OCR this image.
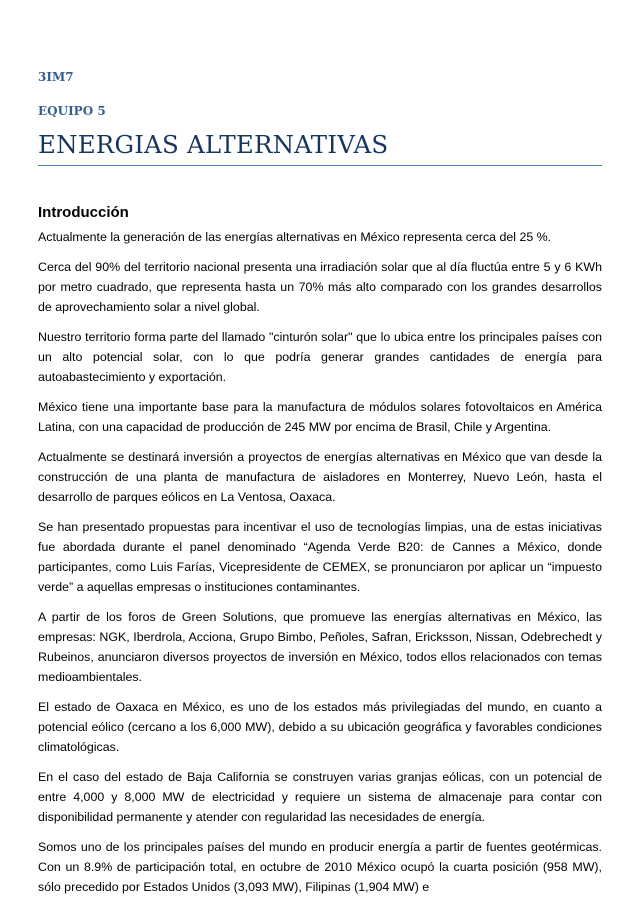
3IM7
EQUIPO 5
ENERGIAS ALTERNATIVAS
Introducción

Actualmente la generación de las energías alternativas en México representa cerca del 25 %.

Cerca del 90% del territorio nacional presenta una irradiación solar que al día fluctúa entre 5 y 6 KWh por metro cuadrado, que representa hasta un 70% más alto comparado con los grandes desarrollos de aprovechamiento solar a nivel global.

Nuestro territorio forma parte del llamado "cinturón solar" que lo ubica entre los principales países con un alto potencial solar, con lo que podría generar grandes cantidades de energía para autoabastecimiento y exportación.

México tiene una importante base para la manufactura de módulos solares fotovoltaicos en América Latina, con una capacidad de producción de 245 MW por encima de Brasil, Chile y Argentina.

Actualmente se destinará inversión a proyectos de energías alternativas en México que van desde la construcción de una planta de manufactura de aisladores en Monterrey, Nuevo León, hasta el desarrollo de parques eólicos en La Ventosa, Oaxaca.

Se han presentado propuestas para incentivar el uso de tecnologías limpias, una de estas iniciativas fue abordada durante el panel denominado “Agenda Verde B20: de Cannes a México, donde participantes, como Luis Farías, Vicepresidente de CEMEX, se pronunciaron por aplicar un “impuesto verde” a aquellas empresas o instituciones contaminantes.

A partir de los foros de Green Solutions, que promueve las energías alternativas en México, las empresas: NGK, Iberdrola, Acciona, Grupo Bimbo, Peñoles, Safran, Ericksson, Nissan, Odebrechedt y Rubeinos, anunciaron diversos proyectos de inversión en México, todos ellos relacionados con temas medioambientales.

El estado de Oaxaca en México, es uno de los estados más privilegiadas del mundo, en cuanto a potencial eólico (cercano a los 6,000 MW), debido a su ubicación geográfica y favorables condiciones climatológicas.

En el caso del estado de Baja California se construyen varias granjas eólicas, con un potencial de entre 4,000 y 8,000 MW de electricidad y requiere un sistema de almacenaje para contar con disponibilidad permanente y atender con regularidad las necesidades de energía.

Somos uno de los principales países del mundo en producir energía a partir de fuentes geotérmicas. Con un 8.9% de participación total, en octubre de 2010 México ocupó la cuarta posición (958 MW), sólo precedido por Estados Unidos (3,093 MW), Filipinas (1,904 MW) e
